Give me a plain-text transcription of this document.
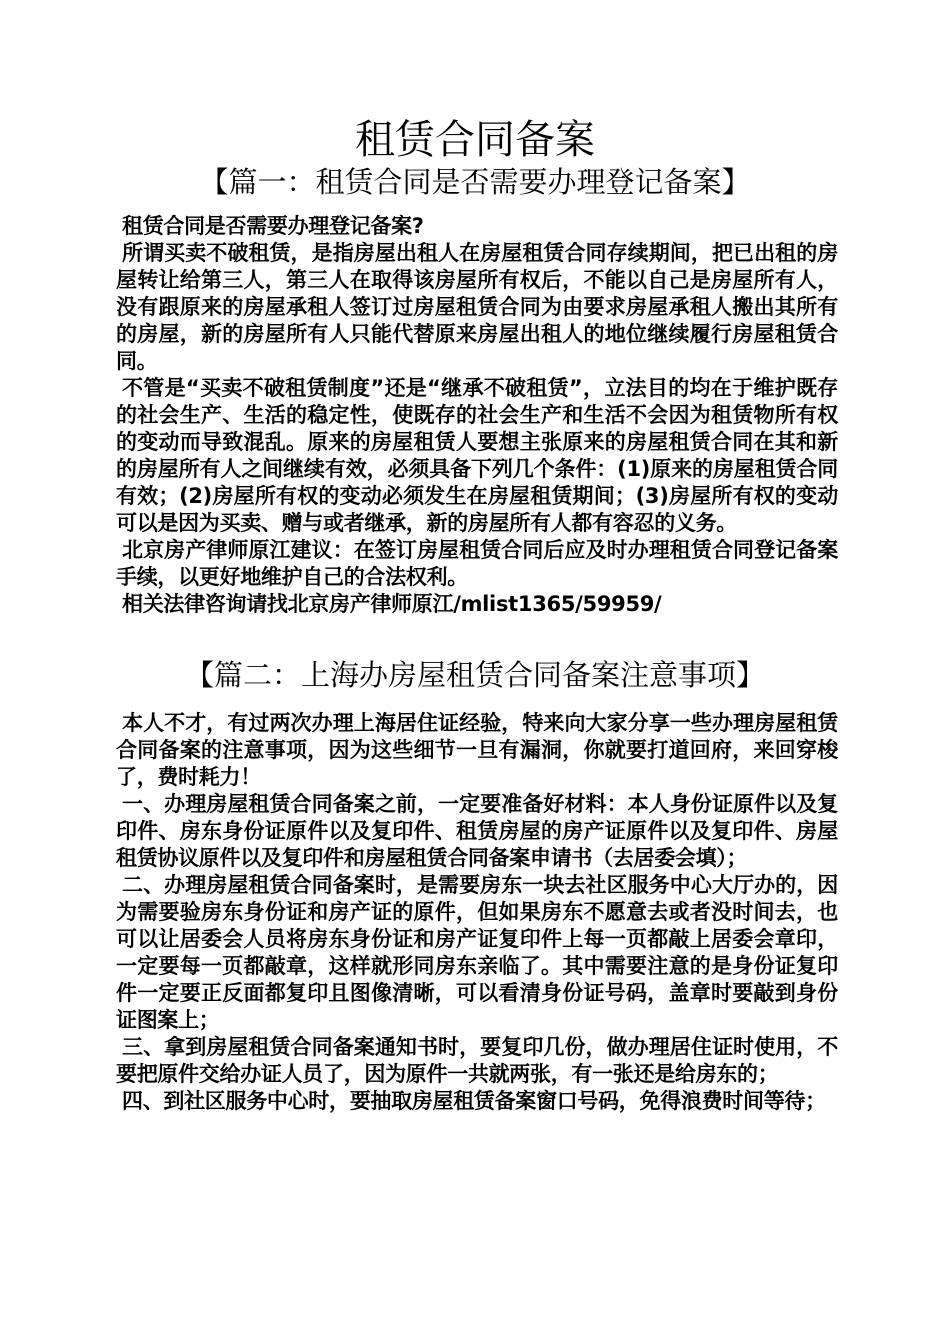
租赁合同备案
【篇一：租赁合同是否需要办理登记备案】

租赁合同是否需要办理登记备案?

所谓买卖不破租赁，是指房屋出租人在房屋租赁合同存续期间，把已出租的房屋转让给第三人，第三人在取得该房屋所有权后，不能以自己是房屋所有人，没有跟原来的房屋承租人签订过房屋租赁合同为由要求房屋承租人搬出其所有的房屋，新的房屋所有人只能代替原来房屋出租人的地位继续履行房屋租赁合同。

不管是“买卖不破租赁制度”还是“继承不破租赁”，立法目的均在于维护既存的社会生产、生活的稳定性，使既存的社会生产和生活不会因为租赁物所有权的变动而导致混乱。原来的房屋租赁人要想主张原来的房屋租赁合同在其和新的房屋所有人之间继续有效，必须具备下列几个条件：(1)原来的房屋租赁合同有效；(2)房屋所有权的变动必须发生在房屋租赁期间；(3)房屋所有权的变动可以是因为买卖、赠与或者继承，新的房屋所有人都有容忍的义务。

北京房产律师原江建议：在签订房屋租赁合同后应及时办理租赁合同登记备案手续，以更好地维护自己的合法权利。

相关法律咨询请找北京房产律师原江/mlist1365/59959/

【篇二：上海办房屋租赁合同备案注意事项】

本人不才，有过两次办理上海居住证经验，特来向大家分享一些办理房屋租赁合同备案的注意事项，因为这些细节一旦有漏洞，你就要打道回府，来回穿梭了，费时耗力！

一、办理房屋租赁合同备案之前，一定要准备好材料：本人身份证原件以及复印件、房东身份证原件以及复印件、租赁房屋的房产证原件以及复印件、房屋租赁协议原件以及复印件和房屋租赁合同备案申请书（去居委会填）；

二、办理房屋租赁合同备案时，是需要房东一块去社区服务中心大厅办的，因为需要验房东身份证和房产证的原件，但如果房东不愿意去或者没时间去，也可以让居委会人员将房东身份证和房产证复印件上每一页都敲上居委会章印，一定要每一页都敲章，这样就形同房东亲临了。其中需要注意的是身份证复印件一定要正反面都复印且图像清晰，可以看清身份证号码，盖章时要敲到身份证图案上；

三、拿到房屋租赁合同备案通知书时，要复印几份，做办理居住证时使用，不要把原件交给办证人员了，因为原件一共就两张，有一张还是给房东的；

四、到社区服务中心时，要抽取房屋租赁备案窗口号码，免得浪费时间等待；
